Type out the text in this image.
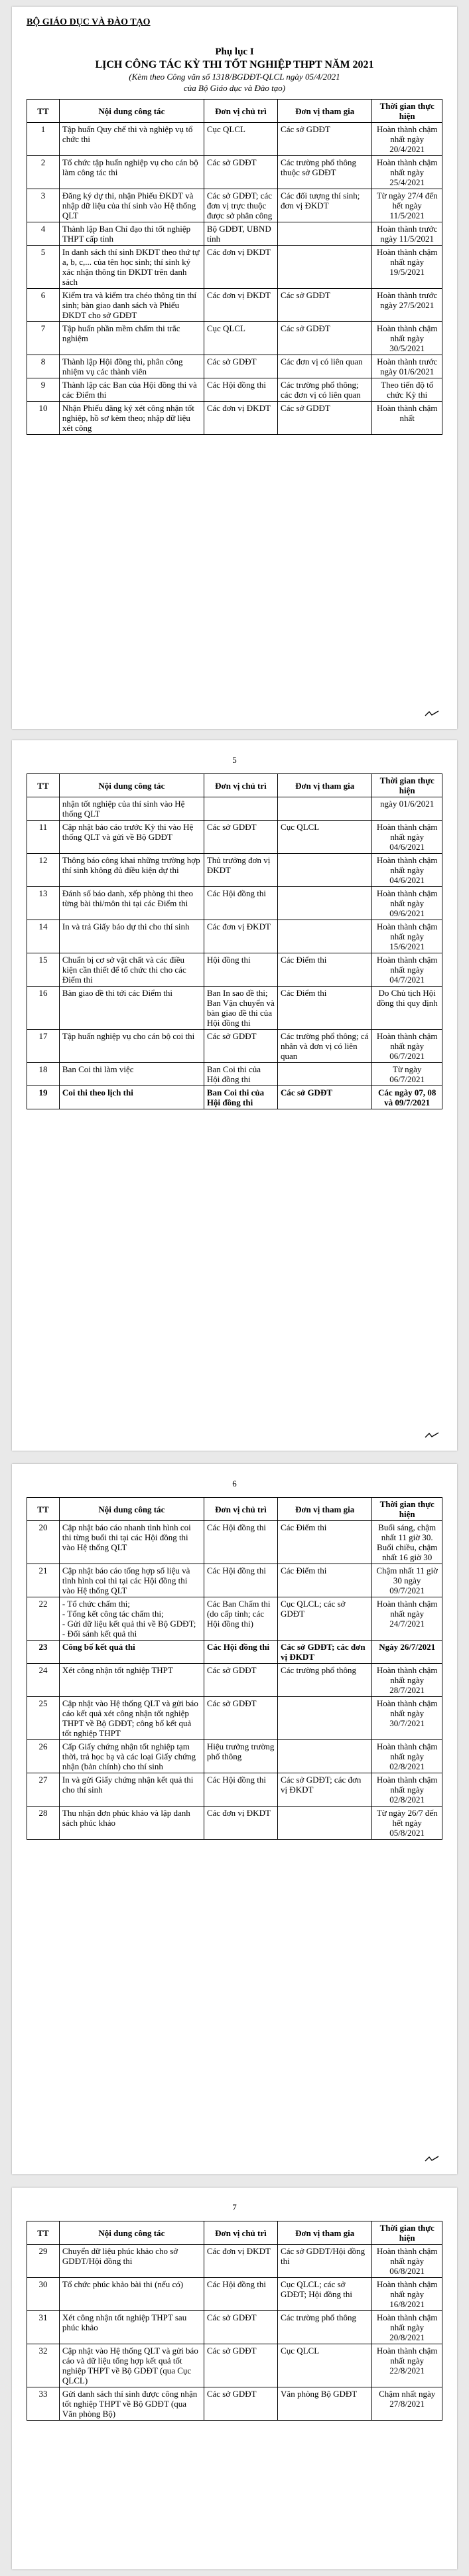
BỘ GIÁO DỤC VÀ ĐÀO TẠO
Phụ lục I
LỊCH CÔNG TÁC KỲ THI TỐT NGHIỆP THPT NĂM 2021
(Kèm theo Công văn số 1318/BGDĐT-QLCL ngày 05/4/2021
của Bộ Giáo dục và Đào tạo)
TT	Nội dung công tác	Đơn vị chủ trì	Đơn vị tham gia	Thời gian thực hiện
1	Tập huấn Quy chế thi và nghiệp vụ tổ chức thi	Cục QLCL	Các sở GDĐT	Hoàn thành chậm nhất ngày 20/4/2021
2	Tổ chức tập huấn nghiệp vụ cho cán bộ làm công tác thi	Các sở GDĐT	Các trường phổ thông thuộc sở GDĐT	Hoàn thành chậm nhất ngày 25/4/2021
3	Đăng ký dự thi, nhận Phiếu ĐKDT và nhập dữ liệu của thí sinh vào Hệ thống QLT	Các sở GDĐT; các đơn vị trực thuộc được sở phân công	Các đối tượng thí sinh; đơn vị ĐKDT	Từ ngày 27/4 đến hết ngày 11/5/2021
4	Thành lập Ban Chỉ đạo thi tốt nghiệp THPT cấp tỉnh	Bộ GDĐT, UBND tỉnh		Hoàn thành trước ngày 11/5/2021
5	In danh sách thí sinh ĐKDT theo thứ tự a, b, c,... của tên học sinh; thí sinh ký xác nhận thông tin ĐKDT trên danh sách	Các đơn vị ĐKDT		Hoàn thành chậm nhất ngày 19/5/2021
6	Kiểm tra và kiểm tra chéo thông tin thí sinh; bàn giao danh sách và Phiếu ĐKDT cho sở GDĐT	Các đơn vị ĐKDT	Các sở GDĐT	Hoàn thành trước ngày 27/5/2021
7	Tập huấn phần mềm chấm thi trắc nghiệm	Cục QLCL	Các sở GDĐT	Hoàn thành chậm nhất ngày 30/5/2021
8	Thành lập Hội đồng thi, phân công nhiệm vụ các thành viên	Các sở GDĐT	Các đơn vị có liên quan	Hoàn thành trước ngày 01/6/2021
9	Thành lập các Ban của Hội đồng thi và các Điểm thi	Các Hội đồng thi	Các trường phổ thông; các đơn vị có liên quan	Theo tiến độ tổ chức Kỳ thi
10	Nhận Phiếu đăng ký xét công nhận tốt nghiệp, hồ sơ kèm theo; nhập dữ liệu xét công	Các đơn vị ĐKDT	Các sở GDĐT	Hoàn thành chậm nhất
5
TT	Nội dung công tác	Đơn vị chủ trì	Đơn vị tham gia	Thời gian thực hiện
	nhận tốt nghiệp của thí sinh vào Hệ thống QLT			ngày 01/6/2021
11	Cập nhật bảo cáo trước Kỳ thi vào Hệ thống QLT và gửi về Bộ GDĐT	Các sở GDĐT	Cục QLCL	Hoàn thành chậm nhất ngày 04/6/2021
12	Thông báo công khai những trường hợp thí sinh không đủ điều kiện dự thi	Thủ trưởng đơn vị ĐKDT		Hoàn thành chậm nhất ngày 04/6/2021
13	Đánh số báo danh, xếp phòng thi theo từng bài thi/môn thi tại các Điểm thi	Các Hội đồng thi		Hoàn thành chậm nhất ngày 09/6/2021
14	In và trả Giấy báo dự thi cho thí sinh	Các đơn vị ĐKDT		Hoàn thành chậm nhất ngày 15/6/2021
15	Chuẩn bị cơ sở vật chất và các điều kiện cần thiết để tổ chức thi cho các Điểm thi	Hội đồng thi	Các Điểm thi	Hoàn thành chậm nhất ngày 04/7/2021
16	Bàn giao đề thi tới các Điểm thi	Ban In sao đề thi; Ban Vận chuyển và bàn giao đề thi của Hội đồng thi	Các Điểm thi	Do Chủ tịch Hội đồng thi quy định
17	Tập huấn nghiệp vụ cho cán bộ coi thi	Các sở GDĐT	Các trường phổ thông; cá nhân và đơn vị có liên quan	Hoàn thành chậm nhất ngày 06/7/2021
18	Ban Coi thi làm việc	Ban Coi thi của Hội đồng thi		Từ ngày 06/7/2021
19	Coi thi theo lịch thi	Ban Coi thi của Hội đồng thi	Các sở GDĐT	Các ngày 07, 08 và 09/7/2021
6
TT	Nội dung công tác	Đơn vị chủ trì	Đơn vị tham gia	Thời gian thực hiện
20	Cập nhật báo cáo nhanh tình hình coi thi từng buổi thi tại các Hội đồng thi vào Hệ thống QLT	Các Hội đồng thi	Các Điểm thi	Buổi sáng, chậm nhất 11 giờ 30. Buổi chiều, chậm nhất 16 giờ 30
21	Cập nhật báo cáo tổng hợp số liệu và tình hình coi thi tại các Hội đồng thi vào Hệ thống QLT	Các Hội đồng thi	Các Điểm thi	Chậm nhất 11 giờ 30 ngày 09/7/2021
22	- Tổ chức chấm thi;
- Tổng kết công tác chấm thi;
- Gửi dữ liệu kết quả thi về Bộ GDĐT;
- Đối sánh kết quả thi	Các Ban Chấm thi (do cấp tỉnh; các Hội đồng thi)	Cục QLCL; các sở GDĐT	Hoàn thành chậm nhất ngày 24/7/2021
23	Công bố kết quả thi	Các Hội đồng thi	Các sở GDĐT; các đơn vị ĐKDT	Ngày 26/7/2021
24	Xét công nhận tốt nghiệp THPT	Các sở GDĐT	Các trường phổ thông	Hoàn thành chậm nhất ngày 28/7/2021
25	Cập nhật vào Hệ thống QLT và gửi báo cáo kết quả xét công nhận tốt nghiệp THPT về Bộ GDĐT; công bố kết quả tốt nghiệp THPT	Các sở GDĐT		Hoàn thành chậm nhất ngày 30/7/2021
26	Cấp Giấy chứng nhận tốt nghiệp tạm thời, trả học bạ và các loại Giấy chứng nhận (bản chính) cho thí sinh	Hiệu trưởng trường phổ thông		Hoàn thành chậm nhất ngày 02/8/2021
27	In và gửi Giấy chứng nhận kết quả thi cho thí sinh	Các Hội đồng thi	Các sở GDĐT; các đơn vị ĐKDT	Hoàn thành chậm nhất ngày 02/8/2021
28	Thu nhận đơn phúc khảo và lập danh sách phúc khảo	Các đơn vị ĐKDT		Từ ngày 26/7 đến hết ngày 05/8/2021
7
TT	Nội dung công tác	Đơn vị chủ trì	Đơn vị tham gia	Thời gian thực hiện
29	Chuyển dữ liệu phúc khảo cho sở GDĐT/Hội đồng thi	Các đơn vị ĐKDT	Các sở GDĐT/Hội đồng thi	Hoàn thành chậm nhất ngày 06/8/2021
30	Tổ chức phúc khảo bài thi (nếu có)	Các Hội đồng thi	Cục QLCL; các sở GDĐT; Hội đồng thi	Hoàn thành chậm nhất ngày 16/8/2021
31	Xét công nhận tốt nghiệp THPT sau phúc khảo	Các sở GDĐT	Các trường phổ thông	Hoàn thành chậm nhất ngày 20/8/2021
32	Cập nhật vào Hệ thống QLT và gửi báo cáo và dữ liệu tổng hợp kết quả tốt nghiệp THPT về Bộ GDĐT (qua Cục QLCL)	Các sở GDĐT	Cục QLCL	Hoàn thành chậm nhất ngày 22/8/2021
33	Gửi danh sách thí sinh được công nhận tốt nghiệp THPT về Bộ GDĐT (qua Văn phòng Bộ)	Các sở GDĐT	Văn phòng Bộ GDĐT	Chậm nhất ngày 27/8/2021
